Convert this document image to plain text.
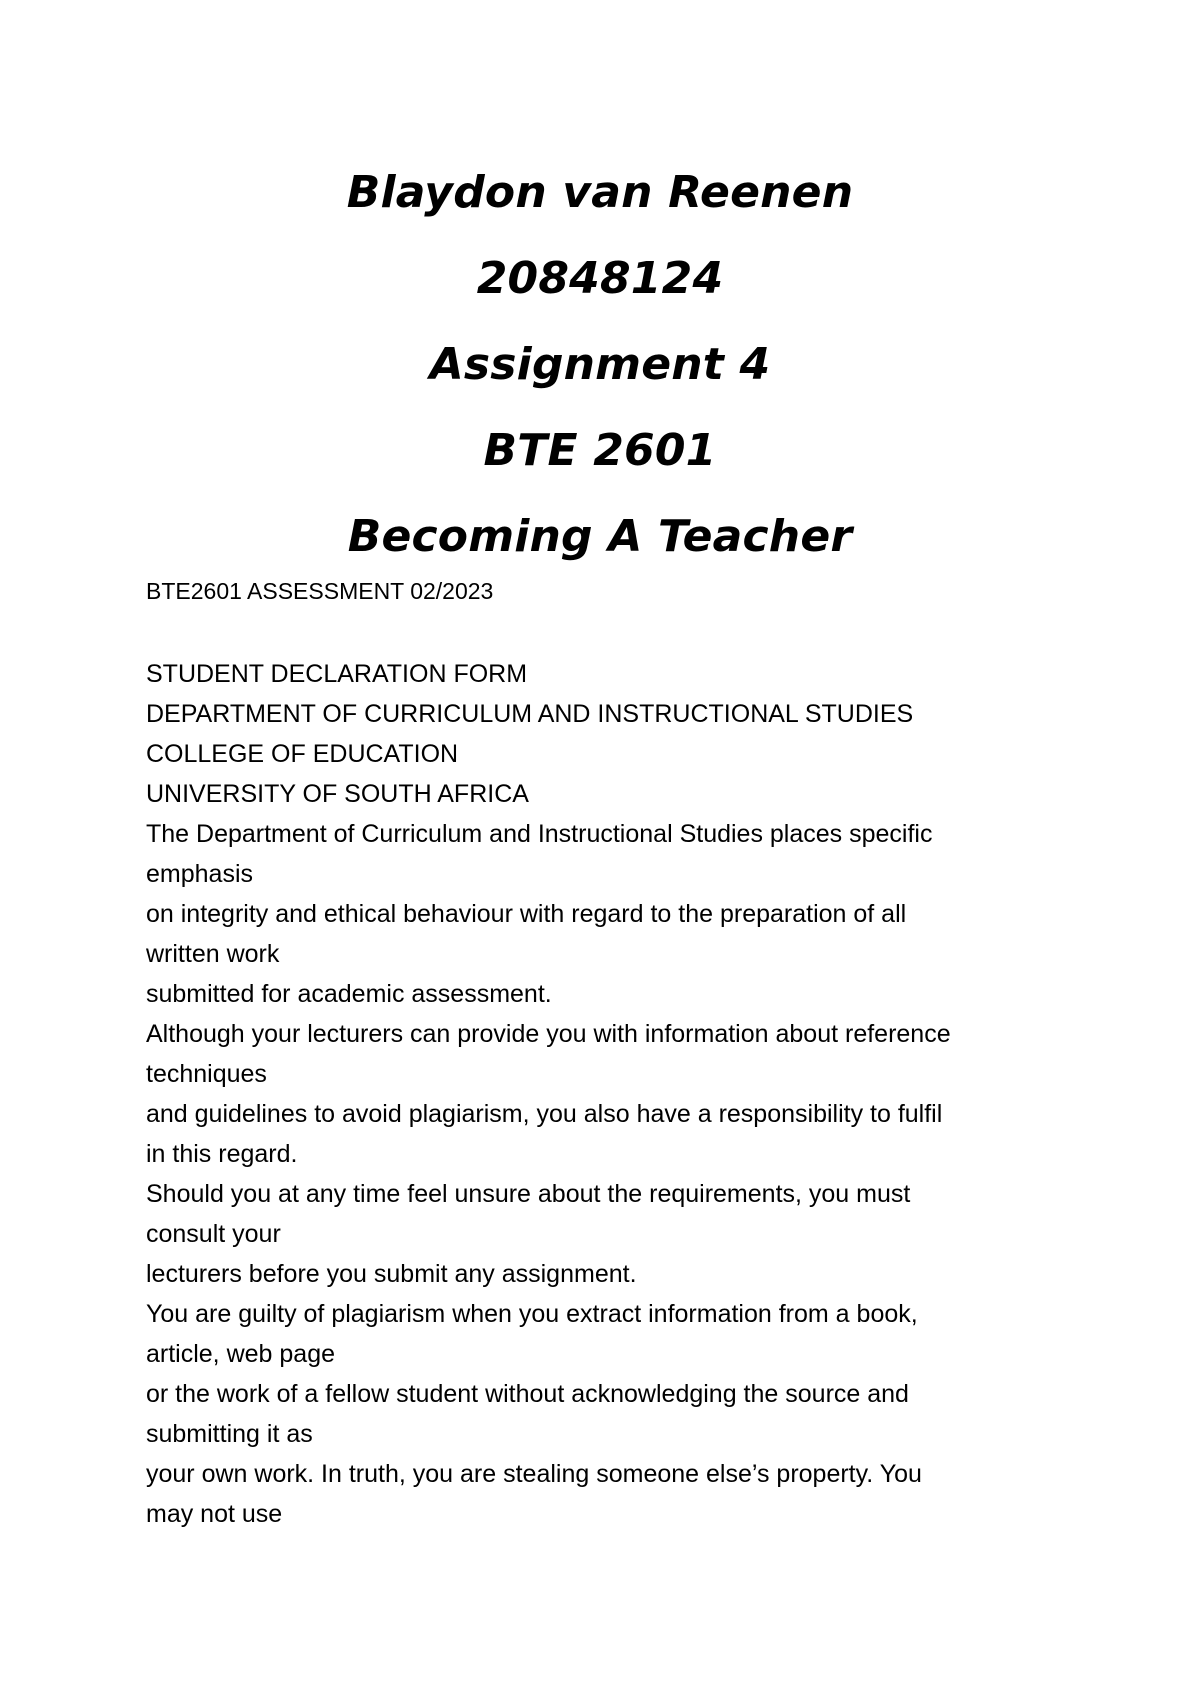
Blaydon van Reenen

20848124

Assignment 4

BTE 2601

Becoming A Teacher

BTE2601 ASSESSMENT 02/2023

STUDENT DECLARATION FORM

DEPARTMENT OF CURRICULUM AND INSTRUCTIONAL STUDIES

COLLEGE OF EDUCATION

UNIVERSITY OF SOUTH AFRICA

The Department of Curriculum and Instructional Studies places specific

emphasis

on integrity and ethical behaviour with regard to the preparation of all

written work

submitted for academic assessment.

Although your lecturers can provide you with information about reference

techniques

and guidelines to avoid plagiarism, you also have a responsibility to fulfil

in this regard.

Should you at any time feel unsure about the requirements, you must

consult your

lecturers before you submit any assignment.

You are guilty of plagiarism when you extract information from a book,

article, web page

or the work of a fellow student without acknowledging the source and

submitting it as

your own work. In truth, you are stealing someone else’s property. You

may not use
